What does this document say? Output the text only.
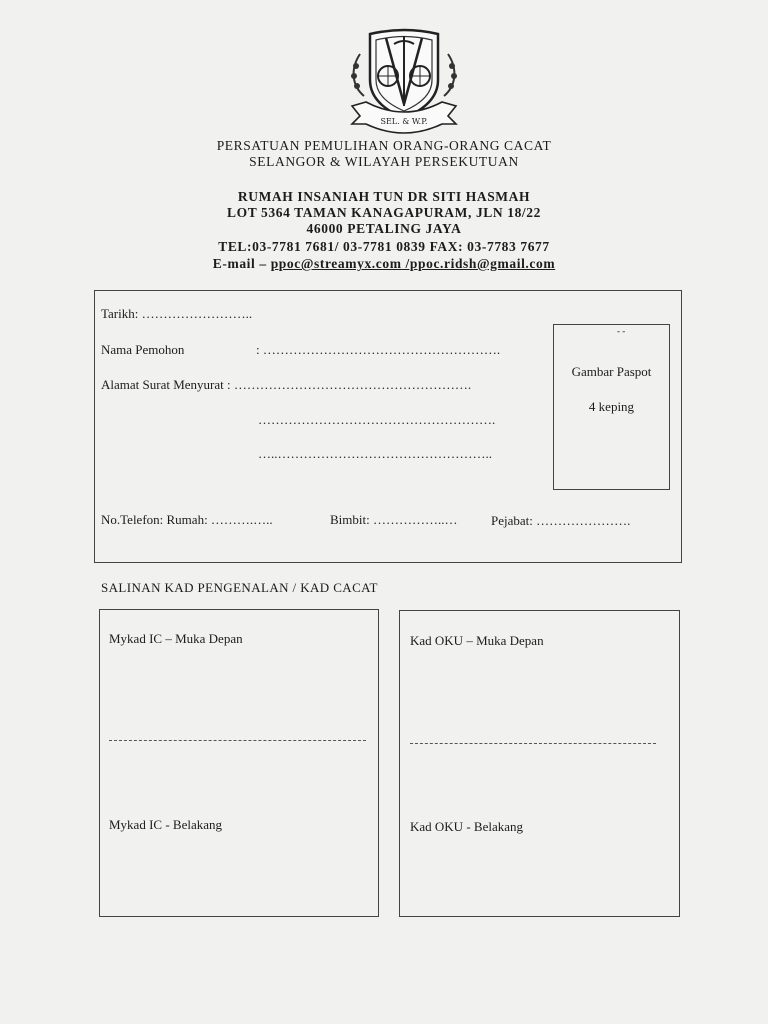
SEL. & W.P.
PERSATUAN PEMULIHAN ORANG-ORANG CACAT
SELANGOR & WILAYAH PERSEKUTUAN
RUMAH INSANIAH TUN DR SITI HASMAH
LOT 5364 TAMAN KANAGAPURAM, JLN 18/22
46000 PETALING JAYA
TEL:03-7781 7681/ 03-7781 0839 FAX: 03-7783 7677
E-mail – ppoc@streamyx.com /ppoc.ridsh@gmail.com
Tarikh: ……………………..
Nama Pemohon	: ……………………………………………….
Alamat Surat Menyurat : ……………………………………………….
……………………………………………….
…..…………………………………………..
- -
Gambar Paspot
4 keping
No.Telefon: Rumah: ……….…..	Bimbit: ……………..…	Pejabat: ………………….
SALINAN KAD PENGENALAN / KAD CACAT
Mykad IC – Muka Depan
Mykad IC - Belakang
Kad OKU – Muka Depan
Kad OKU - Belakang
